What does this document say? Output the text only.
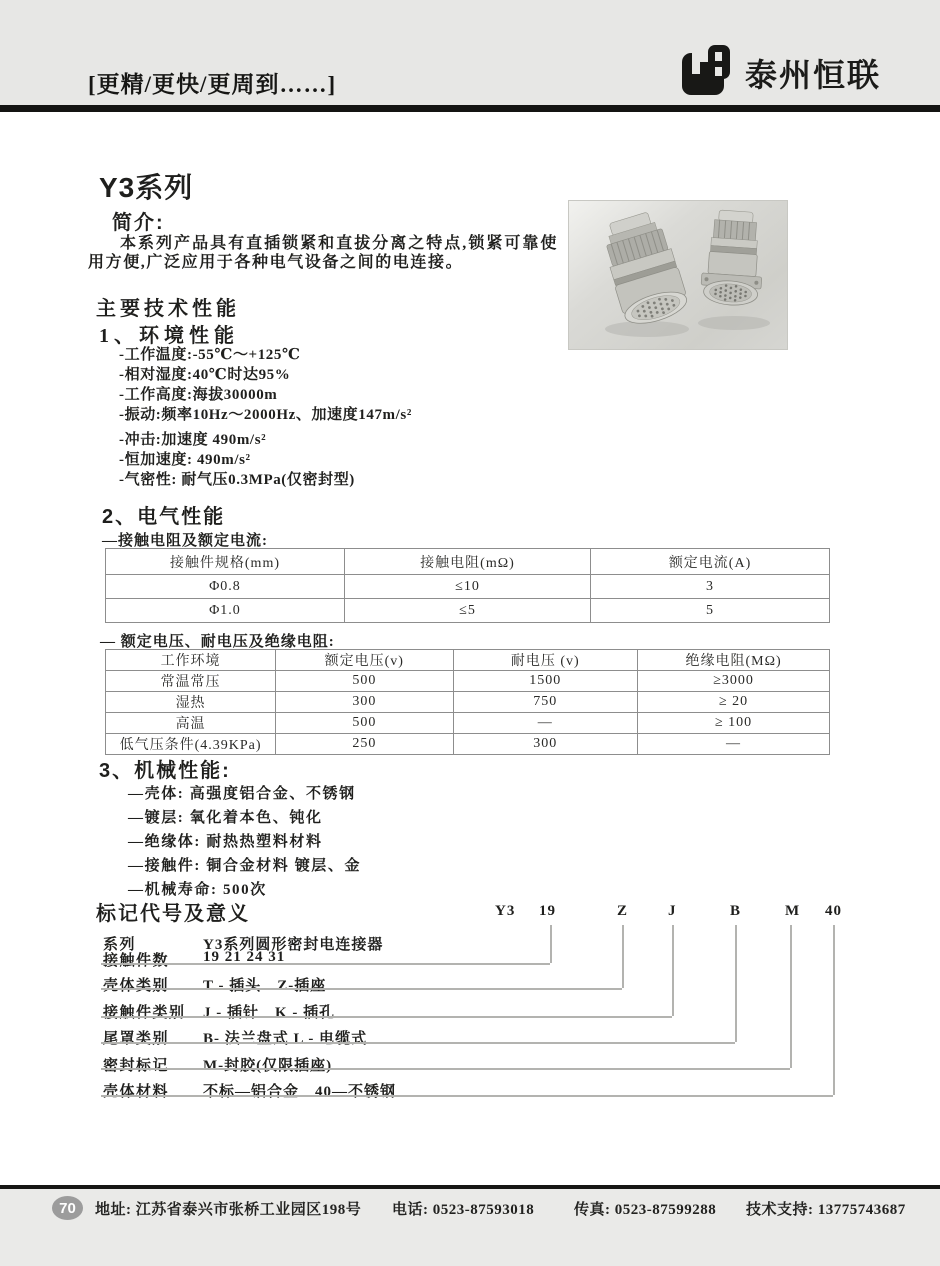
[更精/更快/更周到……]	泰州恒联
Y3系列
简介:
本系列产品具有直插锁紧和直拔分离之特点,锁紧可靠使用方便,广泛应用于各种电气设备之间的电连接。
主要技术性能
1、环境性能
-工作温度:-55℃～+125℃
-相对湿度:40℃时达95%
-工作高度:海拔30000m
-振动:频率10Hz～2000Hz、加速度147m/s²
-冲击:加速度 490m/s²
-恒加速度: 490m/s²
-气密性: 耐气压0.3MPa(仅密封型)
2、电气性能
—接触电阻及额定电流:
接触件规格(mm)	接触电阻(mΩ)	额定电流(A)
Φ0.8	≤10	3
Φ1.0	≤5	5
— 额定电压、耐电压及绝缘电阻:
工作环境	额定电压(v)	耐电压 (v)	绝缘电阻(MΩ)
常温常压	500	1500	≥3000
湿热	300	750	≥ 20
高温	500	—	≥ 100
低气压条件(4.39KPa)	250	300	—
3、机械性能:
—壳体: 高强度铝合金、不锈钢
—镀层: 氧化着本色、钝化
—绝缘体: 耐热热塑料材料
—接触件: 铜合金材料 镀层、金
—机械寿命: 500次
标记代号及意义	Y3 19	Z	J	B	M 40
系列	Y3系列圆形密封电连接器
接触件数 19 21 24 31
壳体类别 T - 插头　Z-插座
接触件类别 J - 插针　K - 插孔
尾罩类别 B- 法兰盘式 L - 电缆式
密封标记 M-封胶(仅限插座)
壳体材料 不标—铝合金　40—不锈钢
70	地址: 江苏省泰兴市张桥工业园区198号 电话: 0523-87593018	传真: 0523-87599288 技术支持: 13775743687
